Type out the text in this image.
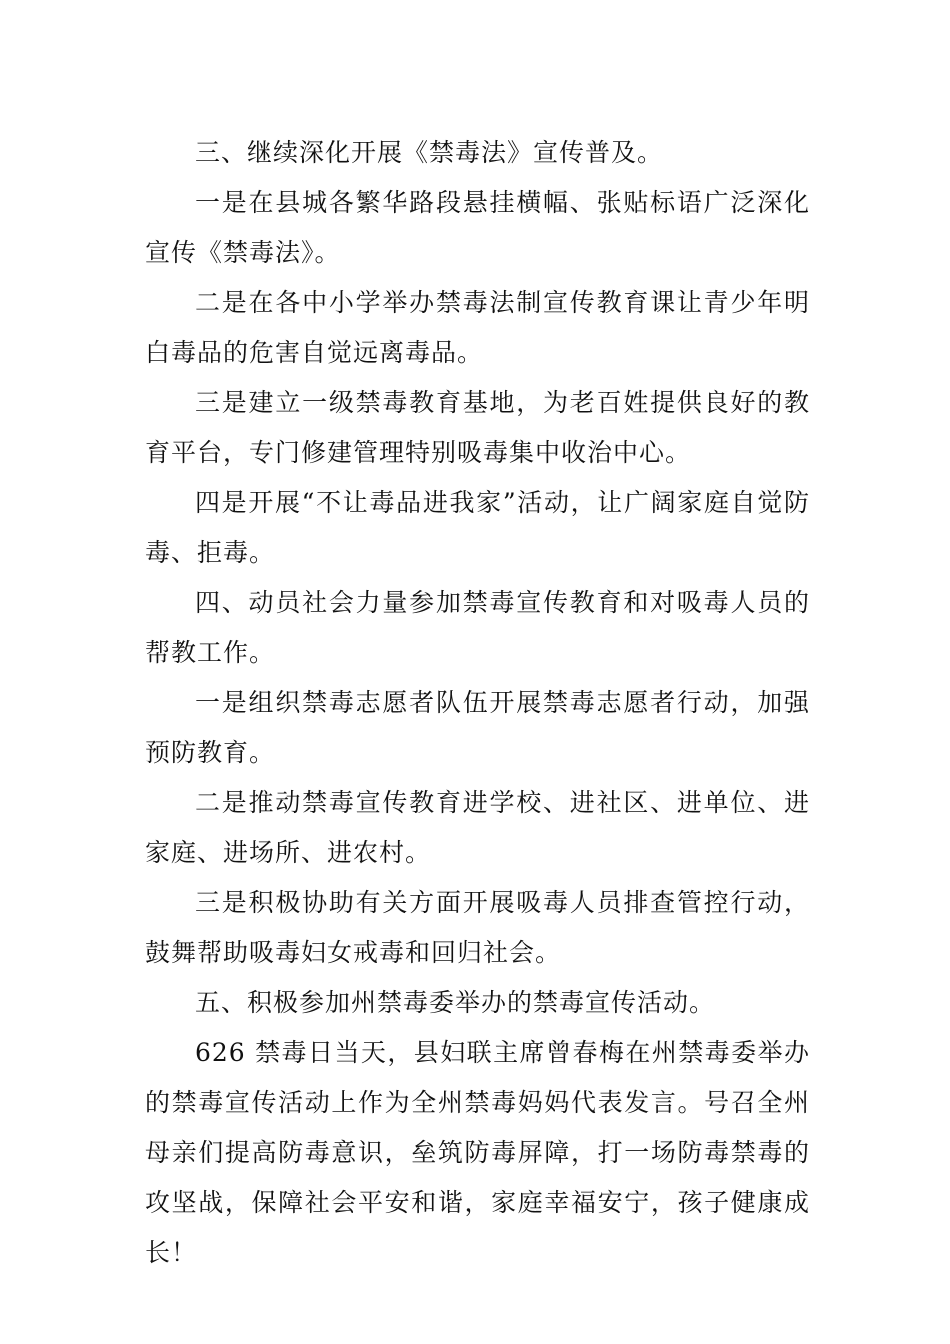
三、继续深化开展《禁毒法》宣传普及。

一是在县城各繁华路段悬挂横幅、张贴标语广泛深化宣传《禁毒法》。

二是在各中小学举办禁毒法制宣传教育课让青少年明白毒品的危害自觉远离毒品。

三是建立一级禁毒教育基地，为老百姓提供良好的教育平台，专门修建管理特别吸毒集中收治中心。

四是开展“不让毒品进我家”活动，让广阔家庭自觉防毒、拒毒。

四、动员社会力量参加禁毒宣传教育和对吸毒人员的帮教工作。

一是组织禁毒志愿者队伍开展禁毒志愿者行动，加强预防教育。

二是推动禁毒宣传教育进学校、进社区、进单位、进家庭、进场所、进农村。

三是积极协助有关方面开展吸毒人员排查管控行动，鼓舞帮助吸毒妇女戒毒和回归社会。

五、积极参加州禁毒委举办的禁毒宣传活动。

626 禁毒日当天，县妇联主席曾春梅在州禁毒委举办的禁毒宣传活动上作为全州禁毒妈妈代表发言。号召全州母亲们提高防毒意识，垒筑防毒屏障，打一场防毒禁毒的攻坚战，保障社会平安和谐，家庭幸福安宁，孩子健康成长！
